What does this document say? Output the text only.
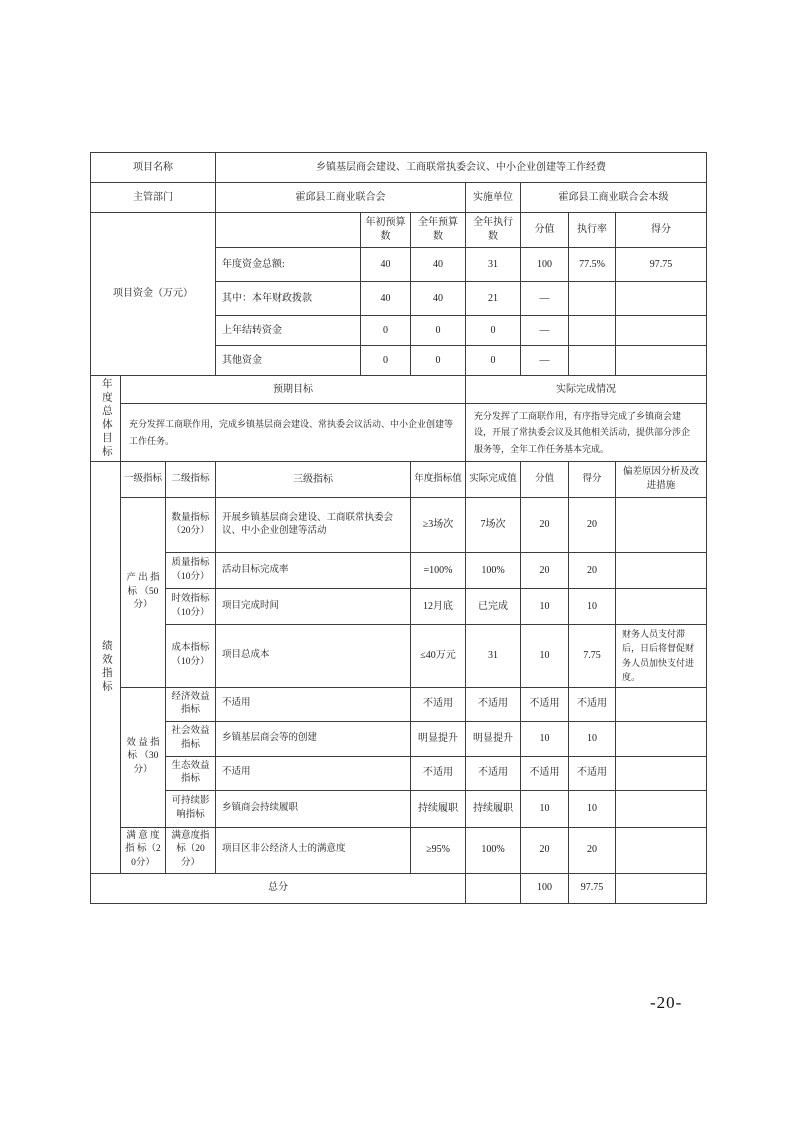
项目名称			乡镇基层商会建设、工商联常执委会议、中小企业创建等工作经费						
主管部门			霍邱县工商业联合会			实施单位	霍邱县工商业联合会本级		
项目资金（万元）				年初预算数	全年预算数	全年执行数	分值	执行率	得分
			年度资金总额:	40	40	31	100	77.5%	97.75
			其中：本年财政拨款	40	40	21	—		
			上年结转资金	0	0	0	—		
			其他资金	0	0	0	—		

年度总体目标	预期目标					实际完成情况			
	充分发挥工商联作用，完成乡镇基层商会建设、常执委会议活动、中小企业创建等工作任务。					充分发挥了工商联作用，有序指导完成了乡镇商会建设，开展了常执委会议及其他相关活动，提供部分涉企服务等，全年工作任务基本完成。			

绩效指标	一级指标	二级指标	三级指标		年度指标值	实际完成值	分值	得分	偏差原因分析及改 进措施
	产 出 指标 （50分）	数量指标（20分）	开展乡镇基层商会建设、工商联常执委会议、中小企业创建等活动		≥3场次	7场次	20	20	
		质量指标（10分）	活动目标完成率		=100%	100%	20	20	
		时效指标（10分）	项目完成时间		12月底	已完成	10	10	
		成本指标（10分）	项目总成本		≤40万元	31	10	7.75	财务人员支付滞后，日后将督促财务人员加快支付进度。
	效 益 指标 （30分）	经济效益指标	不适用		不适用	不适用	不适用	不适用	
		社会效益指标	乡镇基层商会等的创建		明显提升	明显提升	10	10	
		生态效益指标	不适用		不适用	不适用	不适用	不适用	
		可持续影响指标	乡镇商会持续履职		持续履职	持续履职	10	10	
	满 意 度指 标（20分）	满意度指标（20 分）	项目区非公经济人士的满意度		≥95%	100%	20	20	
总分							100	97.75	
-20-
